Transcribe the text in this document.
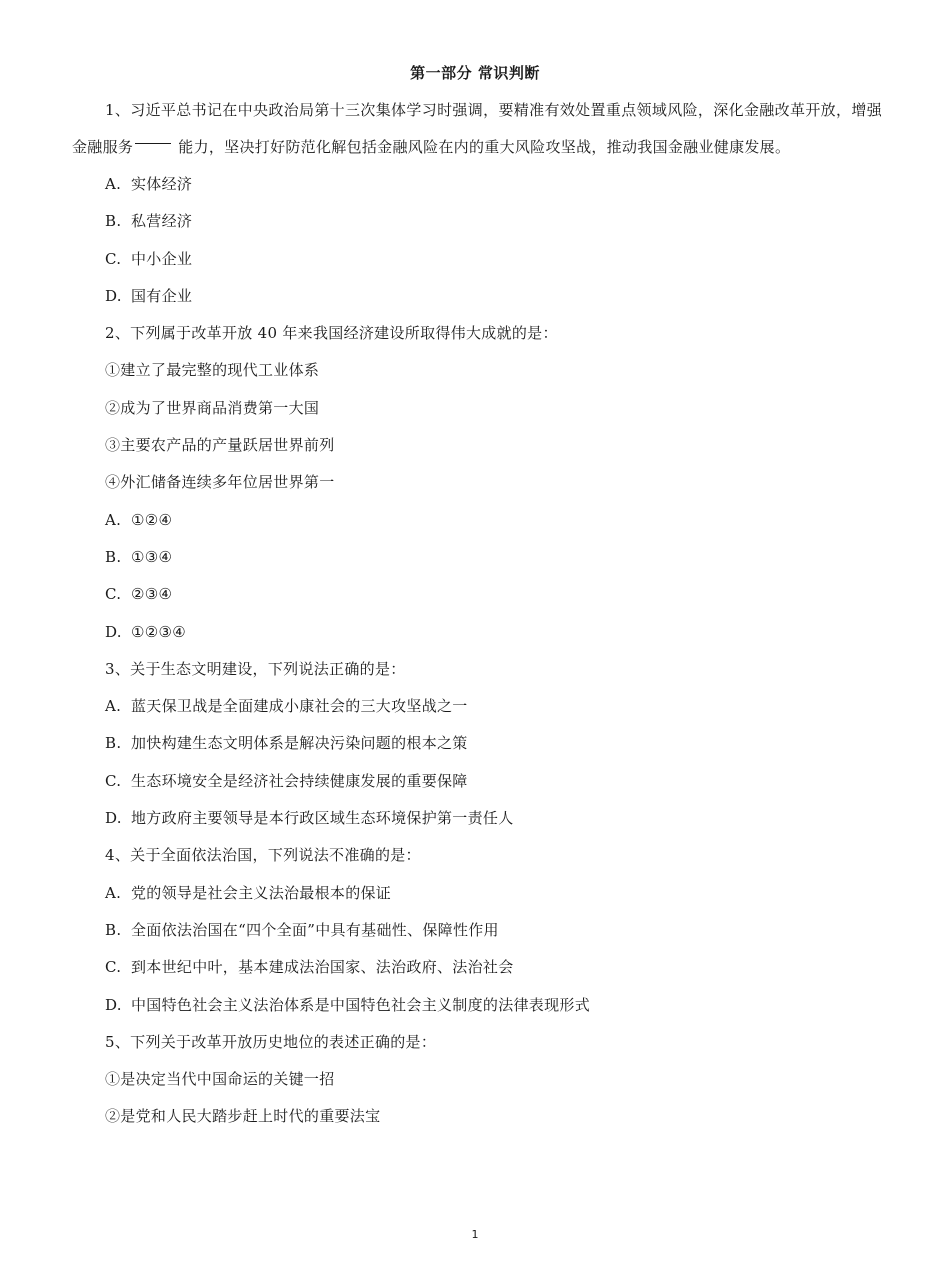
第一部分 常识判断

1、习近平总书记在中央政治局第十三次集体学习时强调，要精准有效处置重点领域风险，深化金融改革开放，增强金融服务	能力，坚决打好防范化解包括金融风险在内的重大风险攻坚战，推动我国金融业健康发展。

A. 实体经济

B. 私营经济

C. 中小企业

D. 国有企业

2、下列属于改革开放 40 年来我国经济建设所取得伟大成就的是：

①建立了最完整的现代工业体系

②成为了世界商品消费第一大国

③主要农产品的产量跃居世界前列

④外汇储备连续多年位居世界第一

A. ①②④

B. ①③④

C. ②③④

D. ①②③④

3、关于生态文明建设，下列说法正确的是：

A. 蓝天保卫战是全面建成小康社会的三大攻坚战之一

B. 加快构建生态文明体系是解决污染问题的根本之策

C. 生态环境安全是经济社会持续健康发展的重要保障

D. 地方政府主要领导是本行政区域生态环境保护第一责任人

4、关于全面依法治国，下列说法不准确的是：

A. 党的领导是社会主义法治最根本的保证

B. 全面依法治国在“四个全面”中具有基础性、保障性作用

C. 到本世纪中叶，基本建成法治国家、法治政府、法治社会

D. 中国特色社会主义法治体系是中国特色社会主义制度的法律表现形式

5、下列关于改革开放历史地位的表述正确的是：

①是决定当代中国命运的关键一招

②是党和人民大踏步赶上时代的重要法宝

1
